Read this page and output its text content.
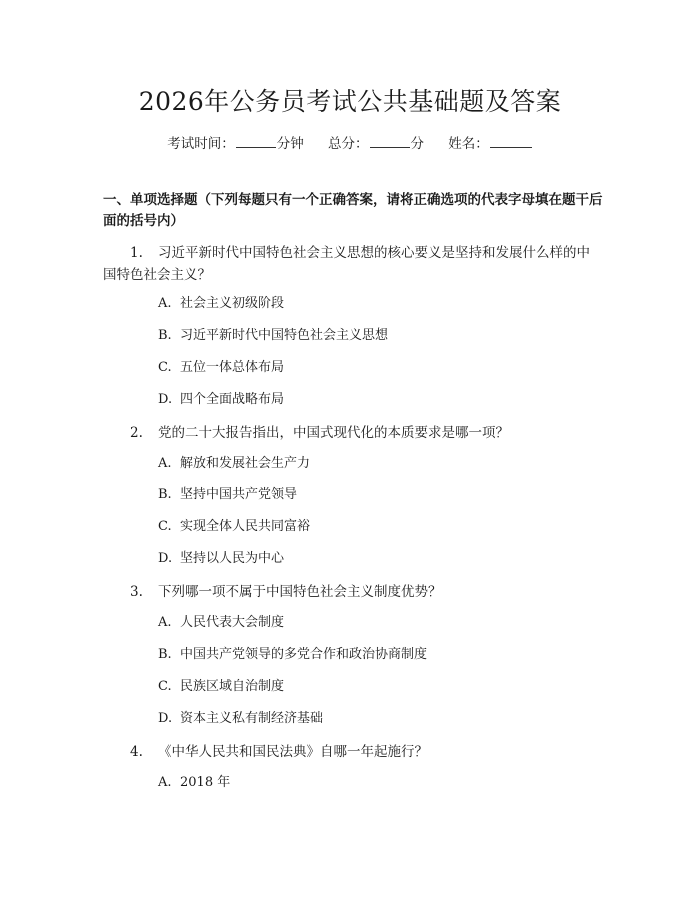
2026年公务员考试公共基础题及答案
考试时间：	分钟 总分：	分 姓名：
一、单项选择题（下列每题只有一个正确答案，请将正确选项的代表字母填在题干后面的括号内）
1. 习近平新时代中国特色社会主义思想的核心要义是坚持和发展什么样的中国特色社会主义？
A. 社会主义初级阶段
B. 习近平新时代中国特色社会主义思想
C. 五位一体总体布局
D. 四个全面战略布局
2. 党的二十大报告指出，中国式现代化的本质要求是哪一项？
A. 解放和发展社会生产力
B. 坚持中国共产党领导
C. 实现全体人民共同富裕
D. 坚持以人民为中心
3. 下列哪一项不属于中国特色社会主义制度优势？
A. 人民代表大会制度
B. 中国共产党领导的多党合作和政治协商制度
C. 民族区域自治制度
D. 资本主义私有制经济基础
4. 《中华人民共和国民法典》自哪一年起施行？
A. 2018 年
